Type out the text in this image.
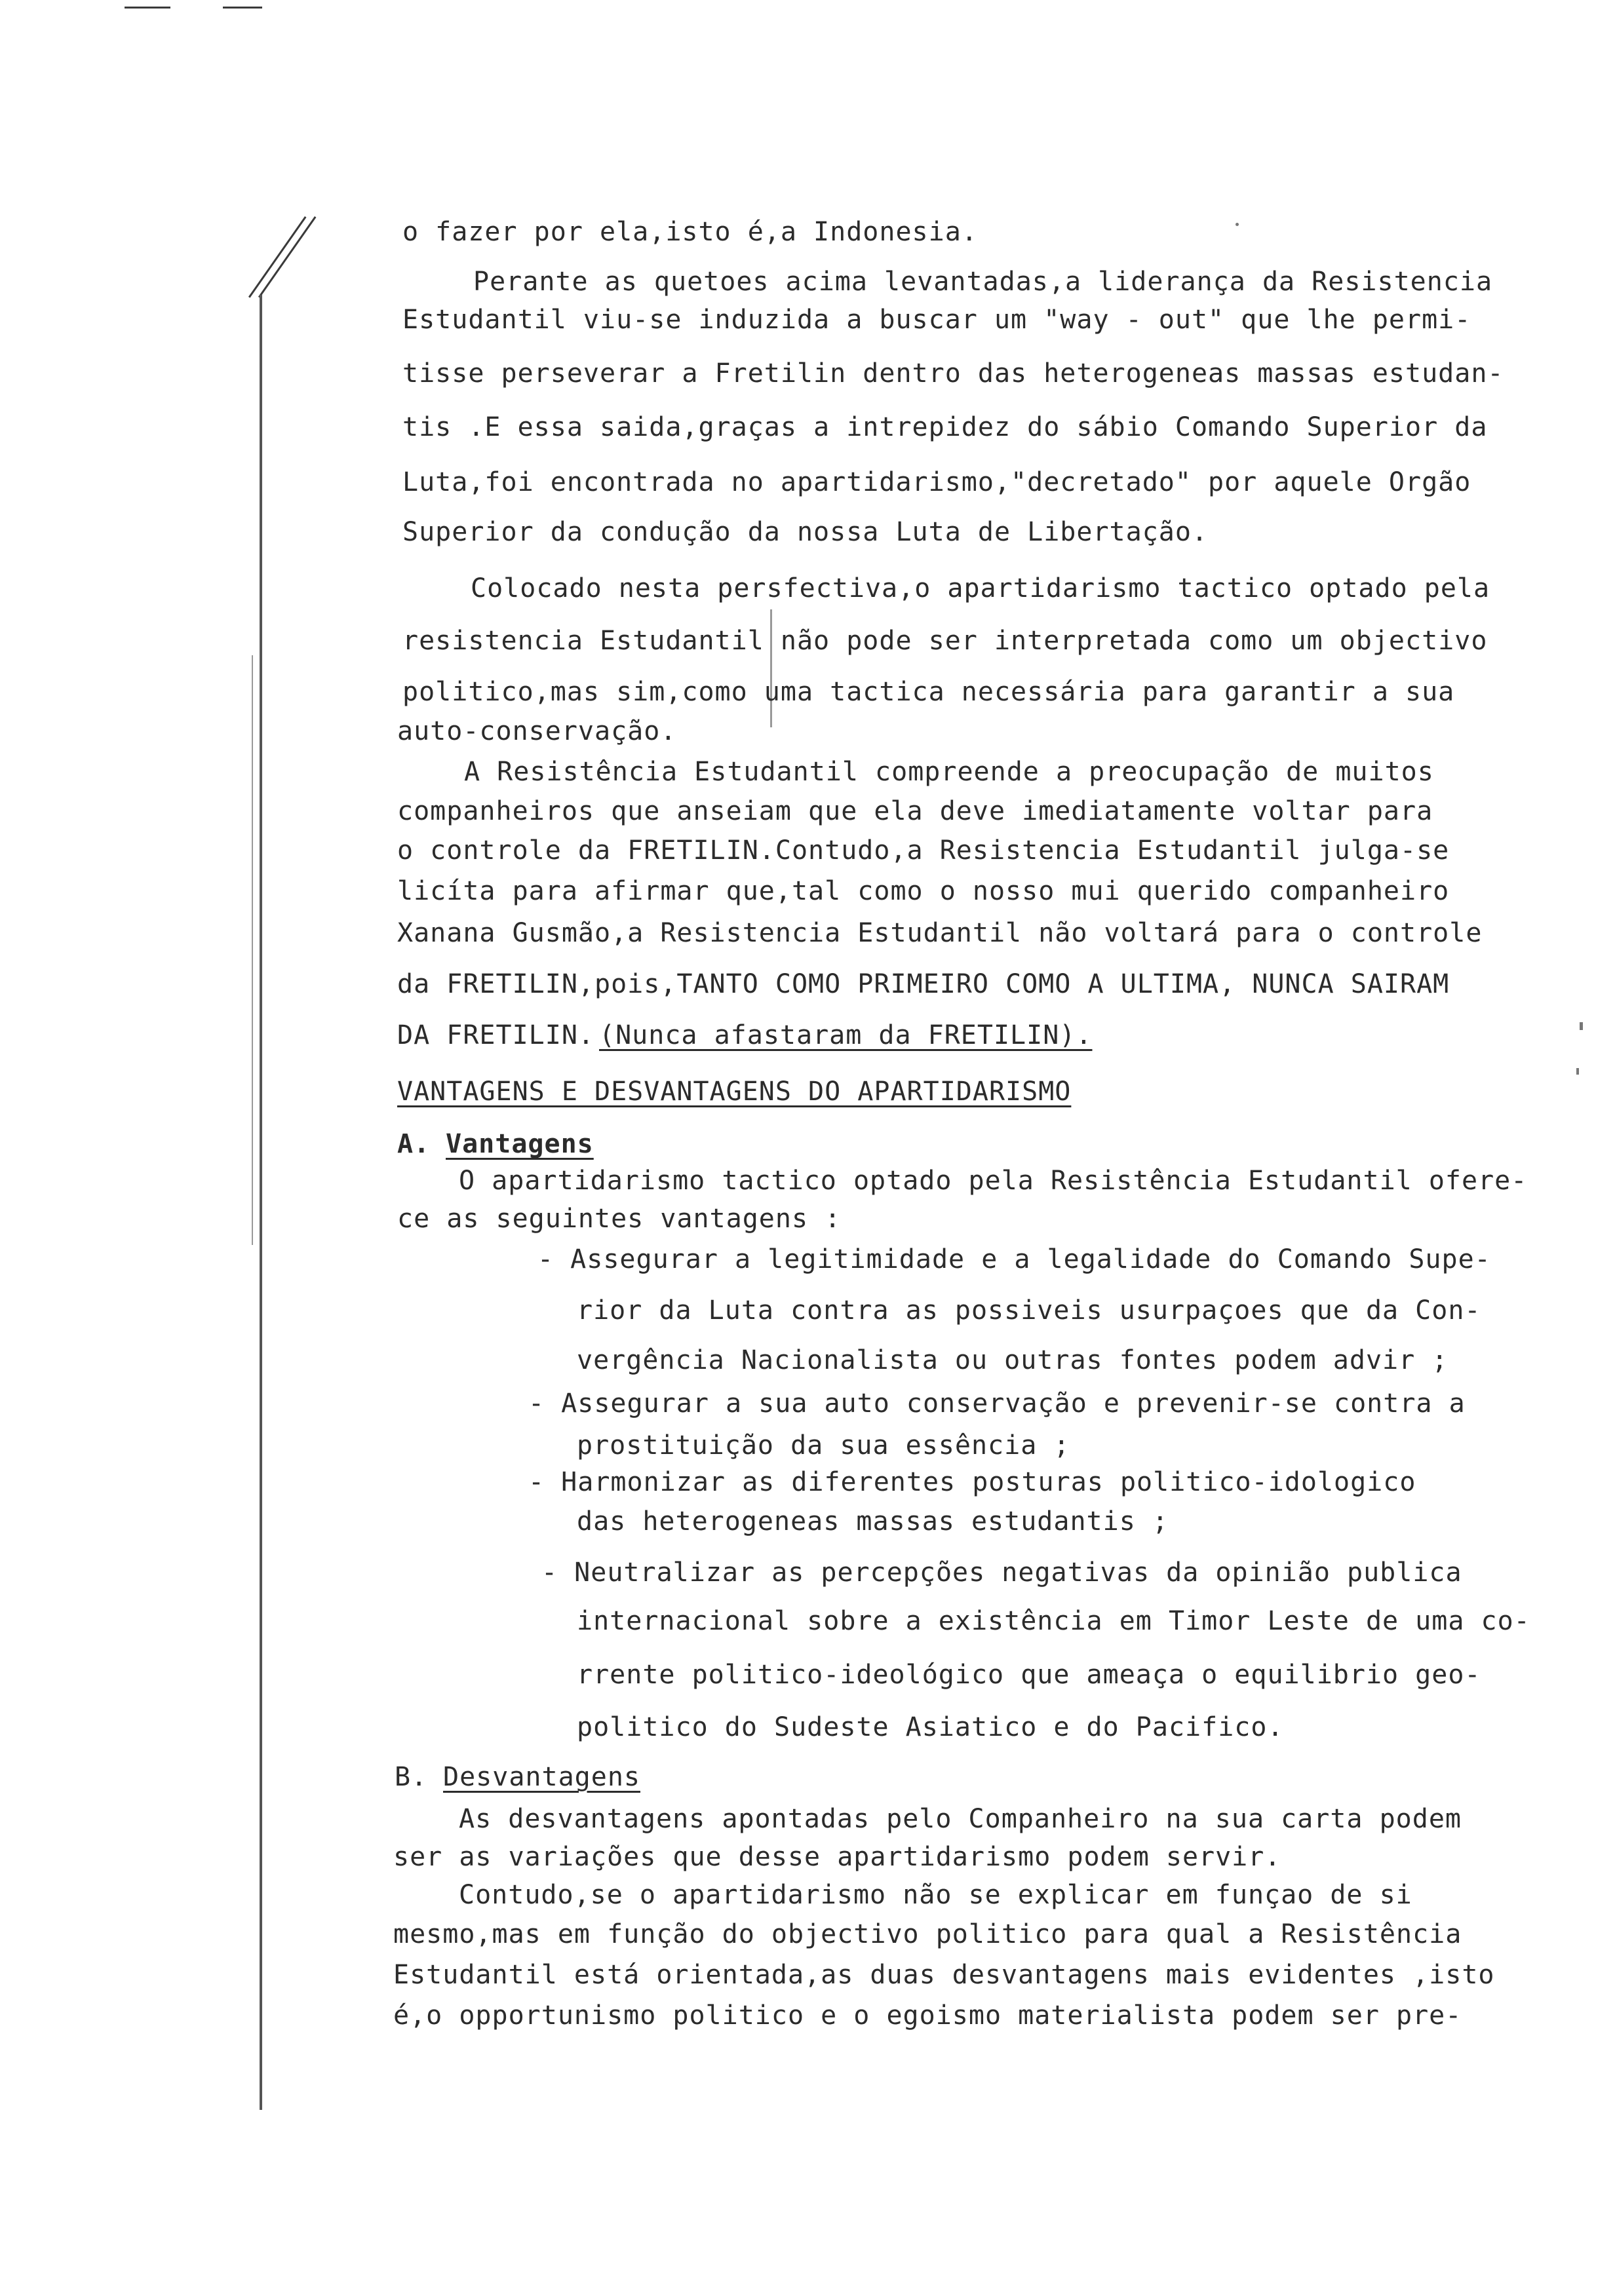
o fazer por ela,isto é,a Indonesia.
Perante as quetoes acima levantadas,a liderança da Resistencia
Estudantil viu-se induzida a buscar um "way - out" que lhe permi-
tisse perseverar a Fretilin dentro das heterogeneas massas estudan-
tis .E essa saida,graças a intrepidez do sábio Comando Superior da
Luta,foi encontrada no apartidarismo,"decretado" por aquele Orgão
Superior da condução da nossa Luta de Libertação.
Colocado nesta persfectiva,o apartidarismo tactico optado pela
resistencia Estudantil não pode ser interpretada como um objectivo
politico,mas sim,como uma tactica necessária para garantir a sua
auto-conservação.
A Resistência Estudantil compreende a preocupação de muitos
companheiros que anseiam que ela deve imediatamente voltar para
o controle da FRETILIN.Contudo,a Resistencia Estudantil julga-se
licíta para afirmar que,tal como o nosso mui querido companheiro
Xanana Gusmão,a Resistencia Estudantil não voltará para o controle
da FRETILIN,pois,TANTO COMO PRIMEIRO COMO A ULTIMA, NUNCA SAIRAM
DA FRETILIN. (Nunca afastaram da FRETILIN).
VANTAGENS E DESVANTAGENS DO APARTIDARISMO
A. Vantagens
O apartidarismo tactico optado pela Resistência Estudantil ofere-
ce as seguintes vantagens :
- Assegurar a legitimidade e a legalidade do Comando Supe-
rior da Luta contra as possiveis usurpaçoes que da Con-
vergência Nacionalista ou outras fontes podem advir ;
- Assegurar a sua auto conservação e prevenir-se contra a
prostituição da sua essência ;
- Harmonizar as diferentes posturas politico-idologico
das heterogeneas massas estudantis ;
- Neutralizar as percepções negativas da opinião publica
internacional sobre a existência em Timor Leste de uma co-
rrente politico-ideológico que ameaça o equilibrio geo-
politico do Sudeste Asiatico e do Pacifico.
B. Desvantagens
As desvantagens apontadas pelo Companheiro na sua carta podem
ser as variações que desse apartidarismo podem servir.
Contudo,se o apartidarismo não se explicar em funçao de si
mesmo,mas em função do objectivo politico para qual a Resistência
Estudantil está orientada,as duas desvantagens mais evidentes ,isto
é,o opportunismo politico e o egoismo materialista podem ser pre-
